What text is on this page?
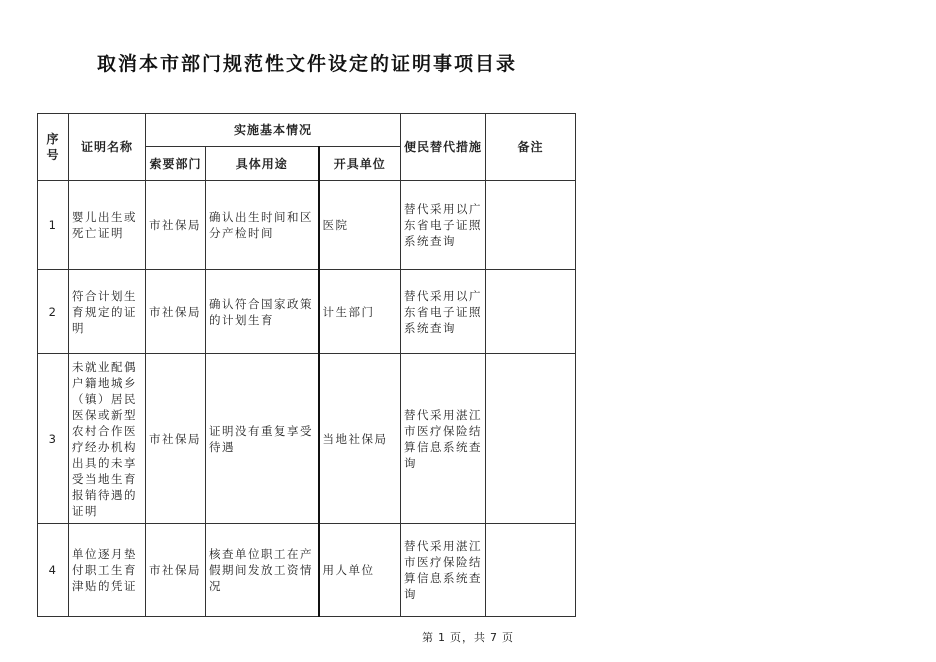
取消本市部门规范性文件设定的证明事项目录
序号	证明名称	实施基本情况			便民替代措施	备注
		索要部门	具体用途	开具单位		
1	婴儿出生或死亡证明	市社保局	确认出生时间和区分产检时间	医院	替代采用以广东省电子证照系统查询	
2	符合计划生育规定的证明	市社保局	确认符合国家政策的计划生育	计生部门	替代采用以广东省电子证照系统查询	
3	未就业配偶户籍地城乡（镇）居民医保或新型农村合作医疗经办机构出具的未享受当地生育报销待遇的证明	市社保局	证明没有重复享受待遇	当地社保局	替代采用湛江市医疗保险结算信息系统查询	
4	单位逐月垫付职工生育津贴的凭证	市社保局	核查单位职工在产假期间发放工资情况	用人单位	替代采用湛江市医疗保险结算信息系统查询	
第 1 页，共 7 页
